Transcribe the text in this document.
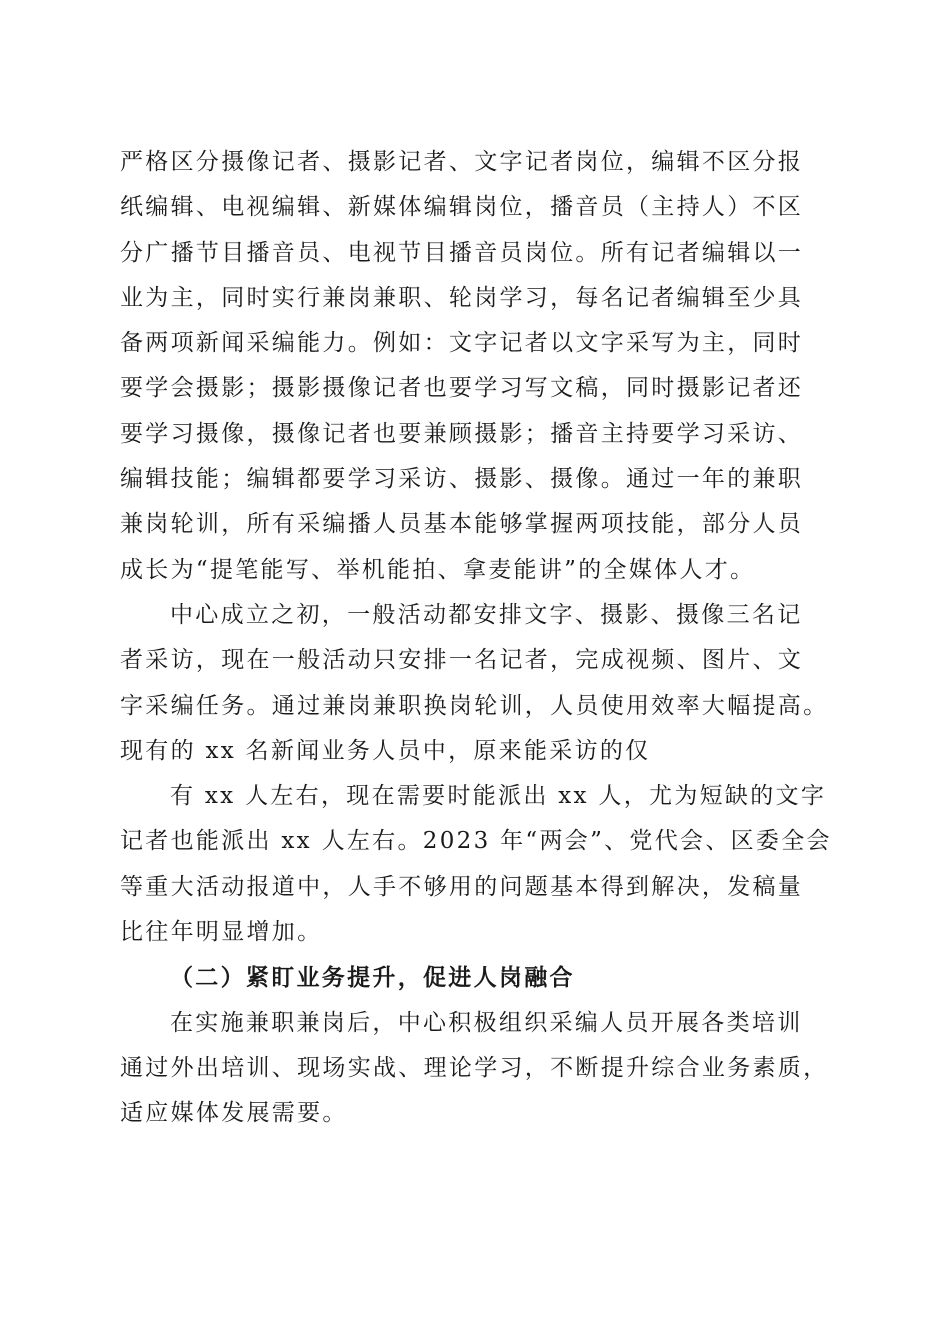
严格区分摄像记者、摄影记者、文字记者岗位，编辑不区分报
纸编辑、电视编辑、新媒体编辑岗位，播音员（主持人）不区
分广播节目播音员、电视节目播音员岗位。所有记者编辑以一
业为主，同时实行兼岗兼职、轮岗学习，每名记者编辑至少具
备两项新闻采编能力。例如：文字记者以文字采写为主，同时
要学会摄影；摄影摄像记者也要学习写文稿，同时摄影记者还
要学习摄像，摄像记者也要兼顾摄影；播音主持要学习采访、
编辑技能；编辑都要学习采访、摄影、摄像。通过一年的兼职
兼岗轮训，所有采编播人员基本能够掌握两项技能，部分人员
成长为“提笔能写、举机能拍、拿麦能讲”的全媒体人才。
中心成立之初，一般活动都安排文字、摄影、摄像三名记
者采访，现在一般活动只安排一名记者，完成视频、图片、文
字采编任务。通过兼岗兼职换岗轮训，人员使用效率大幅提高。
现有的 xx 名新闻业务人员中，原来能采访的仅
有 xx 人左右，现在需要时能派出 xx 人，尤为短缺的文字
记者也能派出 xx 人左右。2023 年“两会”、党代会、区委全会
等重大活动报道中，人手不够用的问题基本得到解决，发稿量
比往年明显增加。
（二）紧盯业务提升，促进人岗融合
在实施兼职兼岗后，中心积极组织采编人员开展各类培训
通过外出培训、现场实战、理论学习，不断提升综合业务素质，
适应媒体发展需要。
